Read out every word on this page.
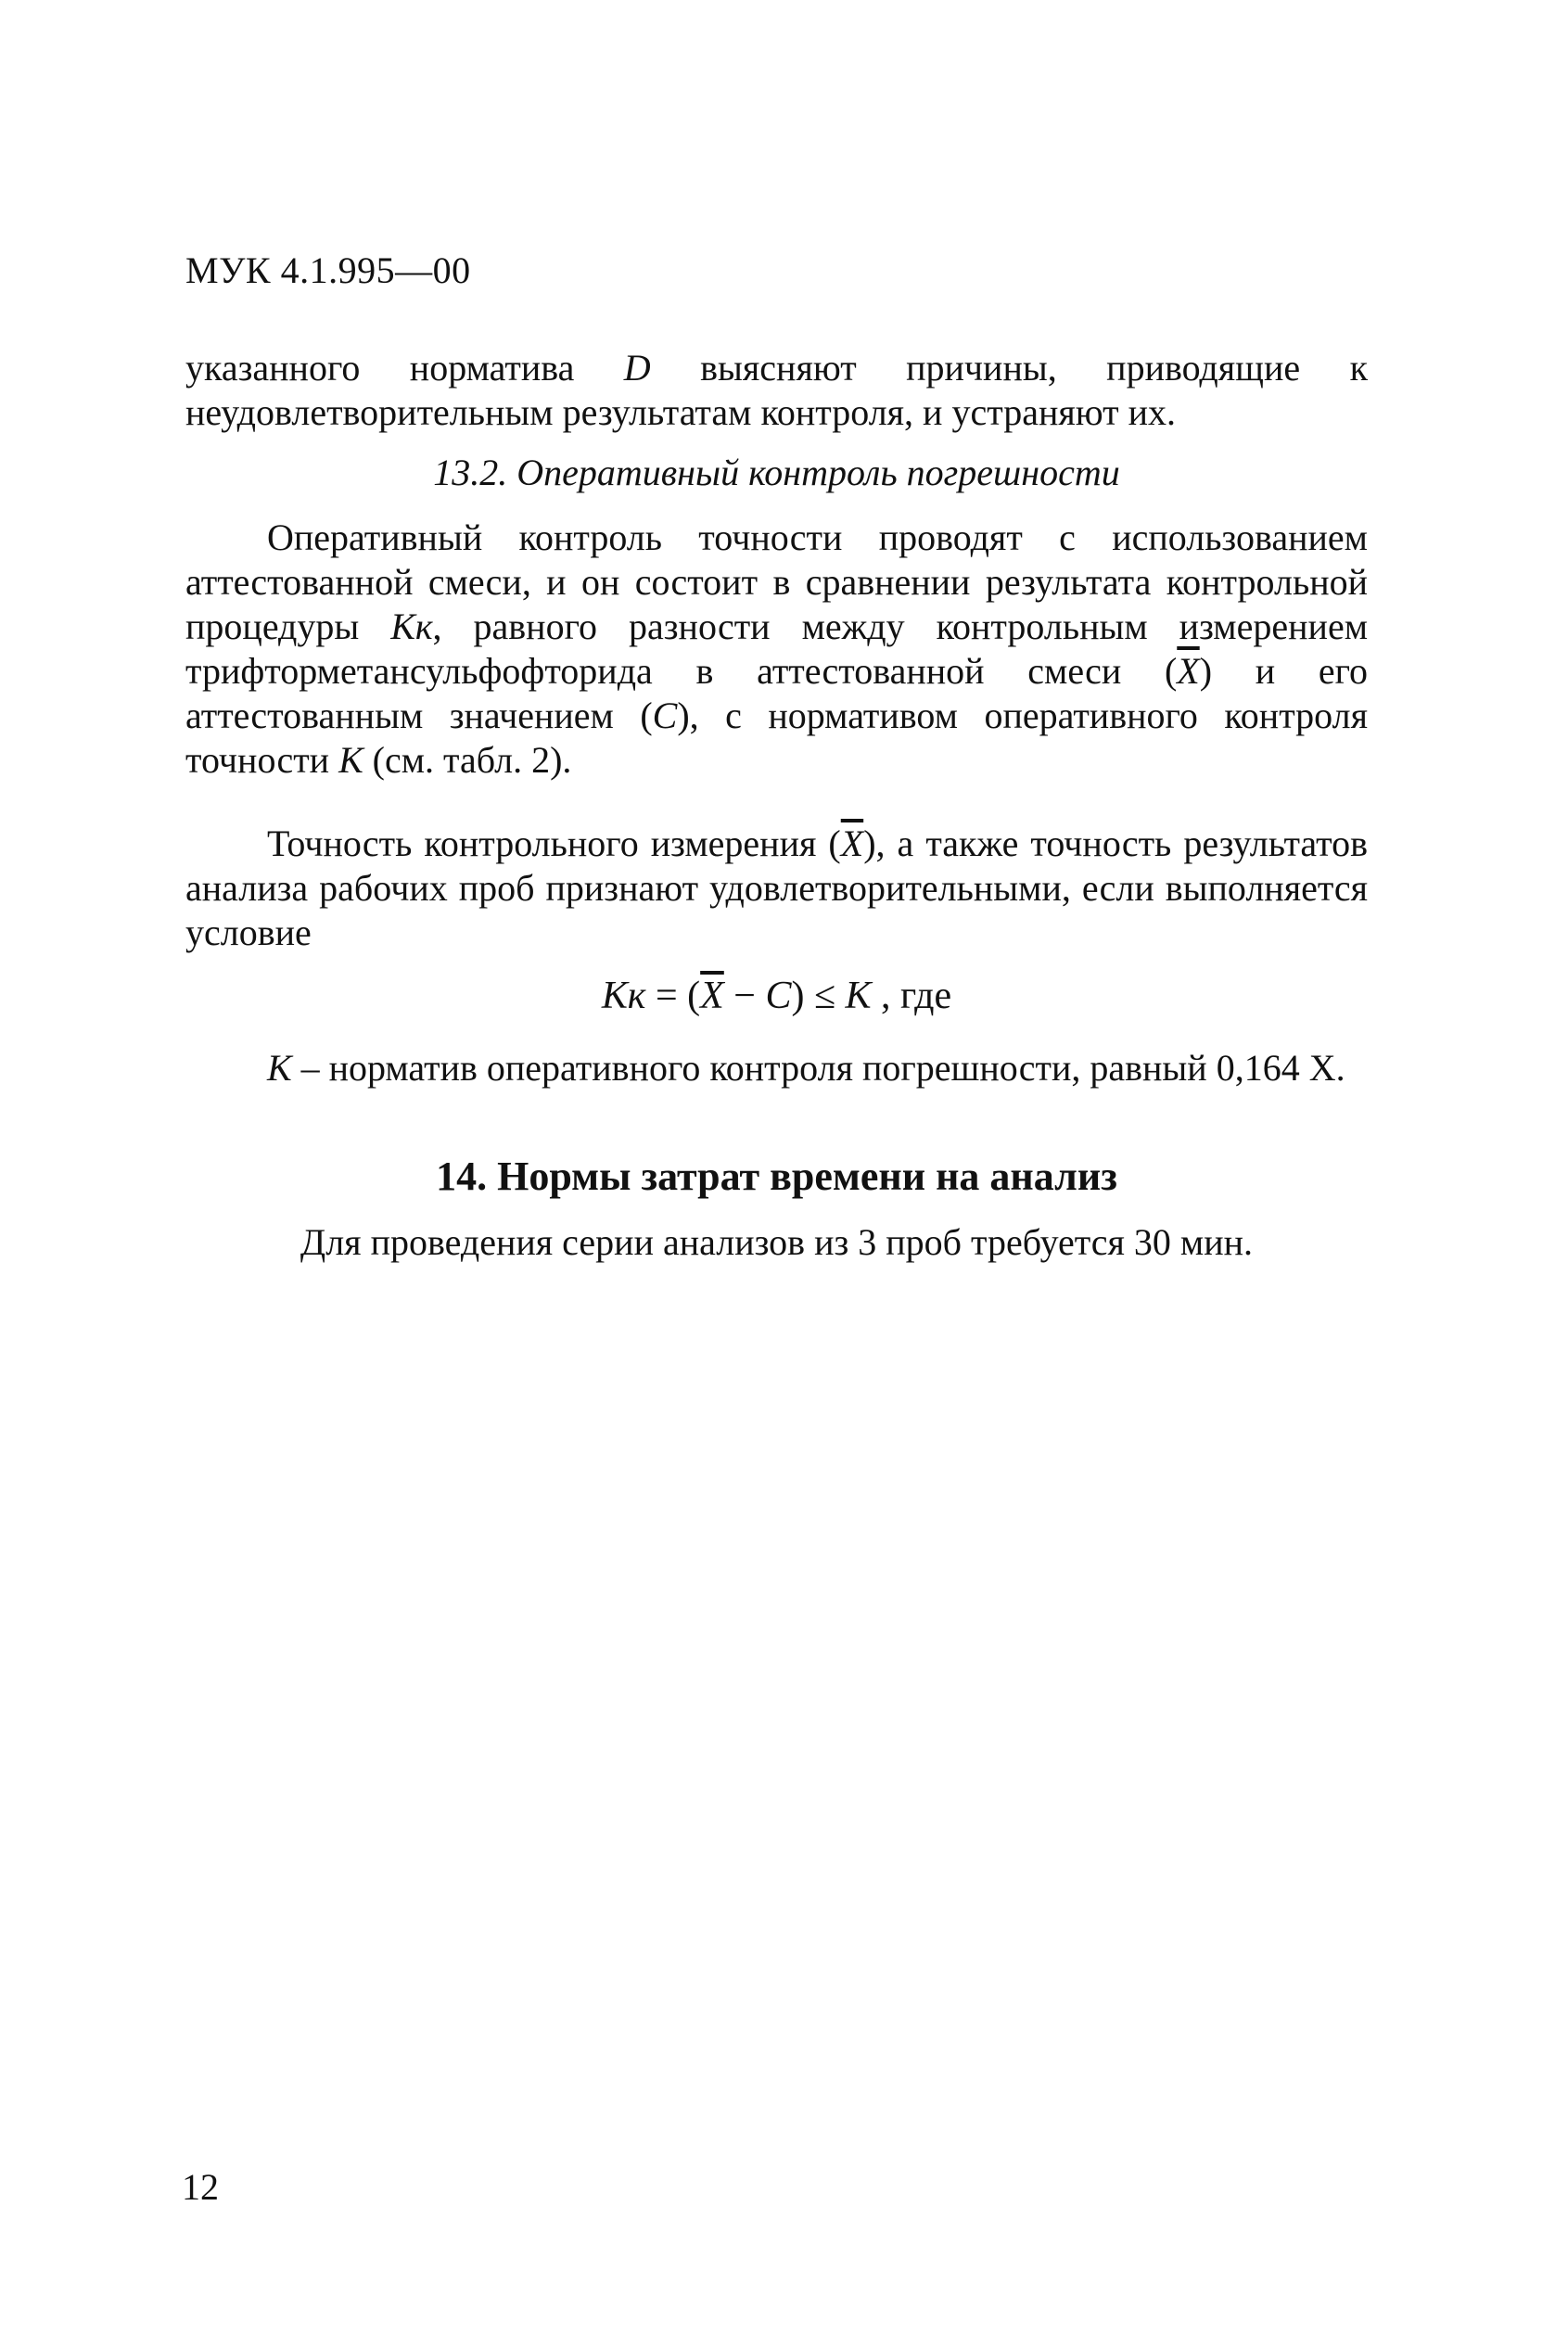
МУК 4.1.995—00

указанного норматива D выясняют причины, приводящие к неудовлетворительным результатам контроля, и устраняют их.

13.2. Оперативный контроль погрешности

Оперативный контроль точности проводят с использованием аттестованной смеси, и он состоит в сравнении результата контрольной процедуры Кк, равного разности между контрольным измерением трифторметансульфофторида в аттестованной смеси $(\overline{X})$ и его аттестованным значением (C), с нормативом оперативного контроля точности К (см. табл. 2).

Точность контрольного измерения $(\overline{X})$, а также точность результатов анализа рабочих проб признают удовлетворительными, если выполняется условие

Кк = $(\overline{X} - C) \le К$ , где

К – норматив оперативного контроля погрешности, равный 0,164 X.

14. Нормы затрат времени на анализ
Для проведения серии анализов из 3 проб требуется 30 мин.
12
